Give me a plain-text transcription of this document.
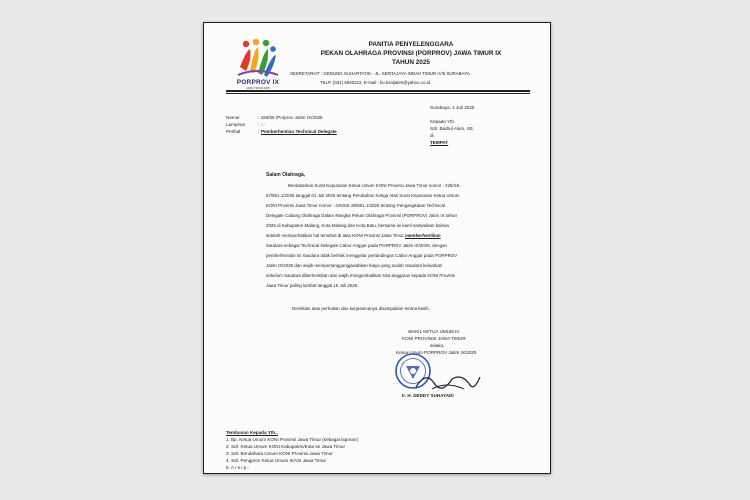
PORPROV IX
JAWA TIMUR 2025
PANITIA PENYELENGGARA
PEKAN OLAHRAGA PROVINSI (PORPROV) JAWA TIMUR IX
TAHUN 2025
SEKRETARIAT : GEDUNG SUHARTATIK - JL. KERTAJAYA INDAH TIMUR IV/5 SURABAYA,
TELP. (031) 5946222, E-mail : ku.konijatim@yahoo.co.id
Nomor	: 426/05 /Porprov Jatim IX/2025
Lampiran	: -,-
Perihal	: Pemberhentian Technical Delegate
Surabaya, 1 Juli 2025
Kepada Yth.
Sdr. Badrul Alam, SE.
di
TEMPAT
Salam Olahraga,
Berdasarkan Surat Keputusan Ketua Umum KONI Provinsi Jawa Timur nomor : 426/SK.
57/601.1/2025 tanggal 01 Juli 2025 tentang Perubahan Ketiga Atas Surat Keputusan Ketua Umum
KONI Provinsi Jawa Timur nomor : 426/SK.28/601.1/2025 tentang Pengangkatan Technical
Delegate Cabang Olahraga Dalam Rangka Pekan Olahraga Provinsi (PORPROV) Jatim IX tahun
2025 di Kabupaten Malang, Kota Malang dan Kota Batu, bersama ini kami sampaikan bahwa
setelah memperhatikan hal tersebut di atas KONI Provinsi Jawa Timur memberhentikan
Saudara sebagai Technical Delegate Cabor Anggar pada PORPROV Jatim IX/2025, dengan
pemberhentian ini Saudara tidak berhak menggelar pertandingan Cabor Anggar pada PORPROV
Jatim IX/2025 dan wajib mempertanggungjawabkan biaya yang sudah Saudara keluarkan
sebelum Saudara diberhentikan dan wajib mengembalikan sisa anggaran kepada KONI Provinsi
Jawa Timur paling lambat tanggal 15 Juli 2025.
Demikian atas perhatian dan kerjasamanya disampaikan terima kasih.
WAKIL KETUA UMUM III
KONI PROVINSI JAWA TIMUR
selaku,
Ketua Umum PORPROV Jatim IX/2025
Ir. H. DEDDY SUHAYADI
Tembusan Kepada Yth.:
1. Bp. Ketua Umum KONI Provinsi Jawa Timur (sebagai laporan)
2. Sdr. Ketua Umum KONI Kabupaten/Kota se Jawa Timur
3. Sdr. Bendahara Umum KONI Provinsi Jawa Timur
4. Sdr. Pengprov Ketua Umum IKASI Jawa Timur
5. A r s i p.-
